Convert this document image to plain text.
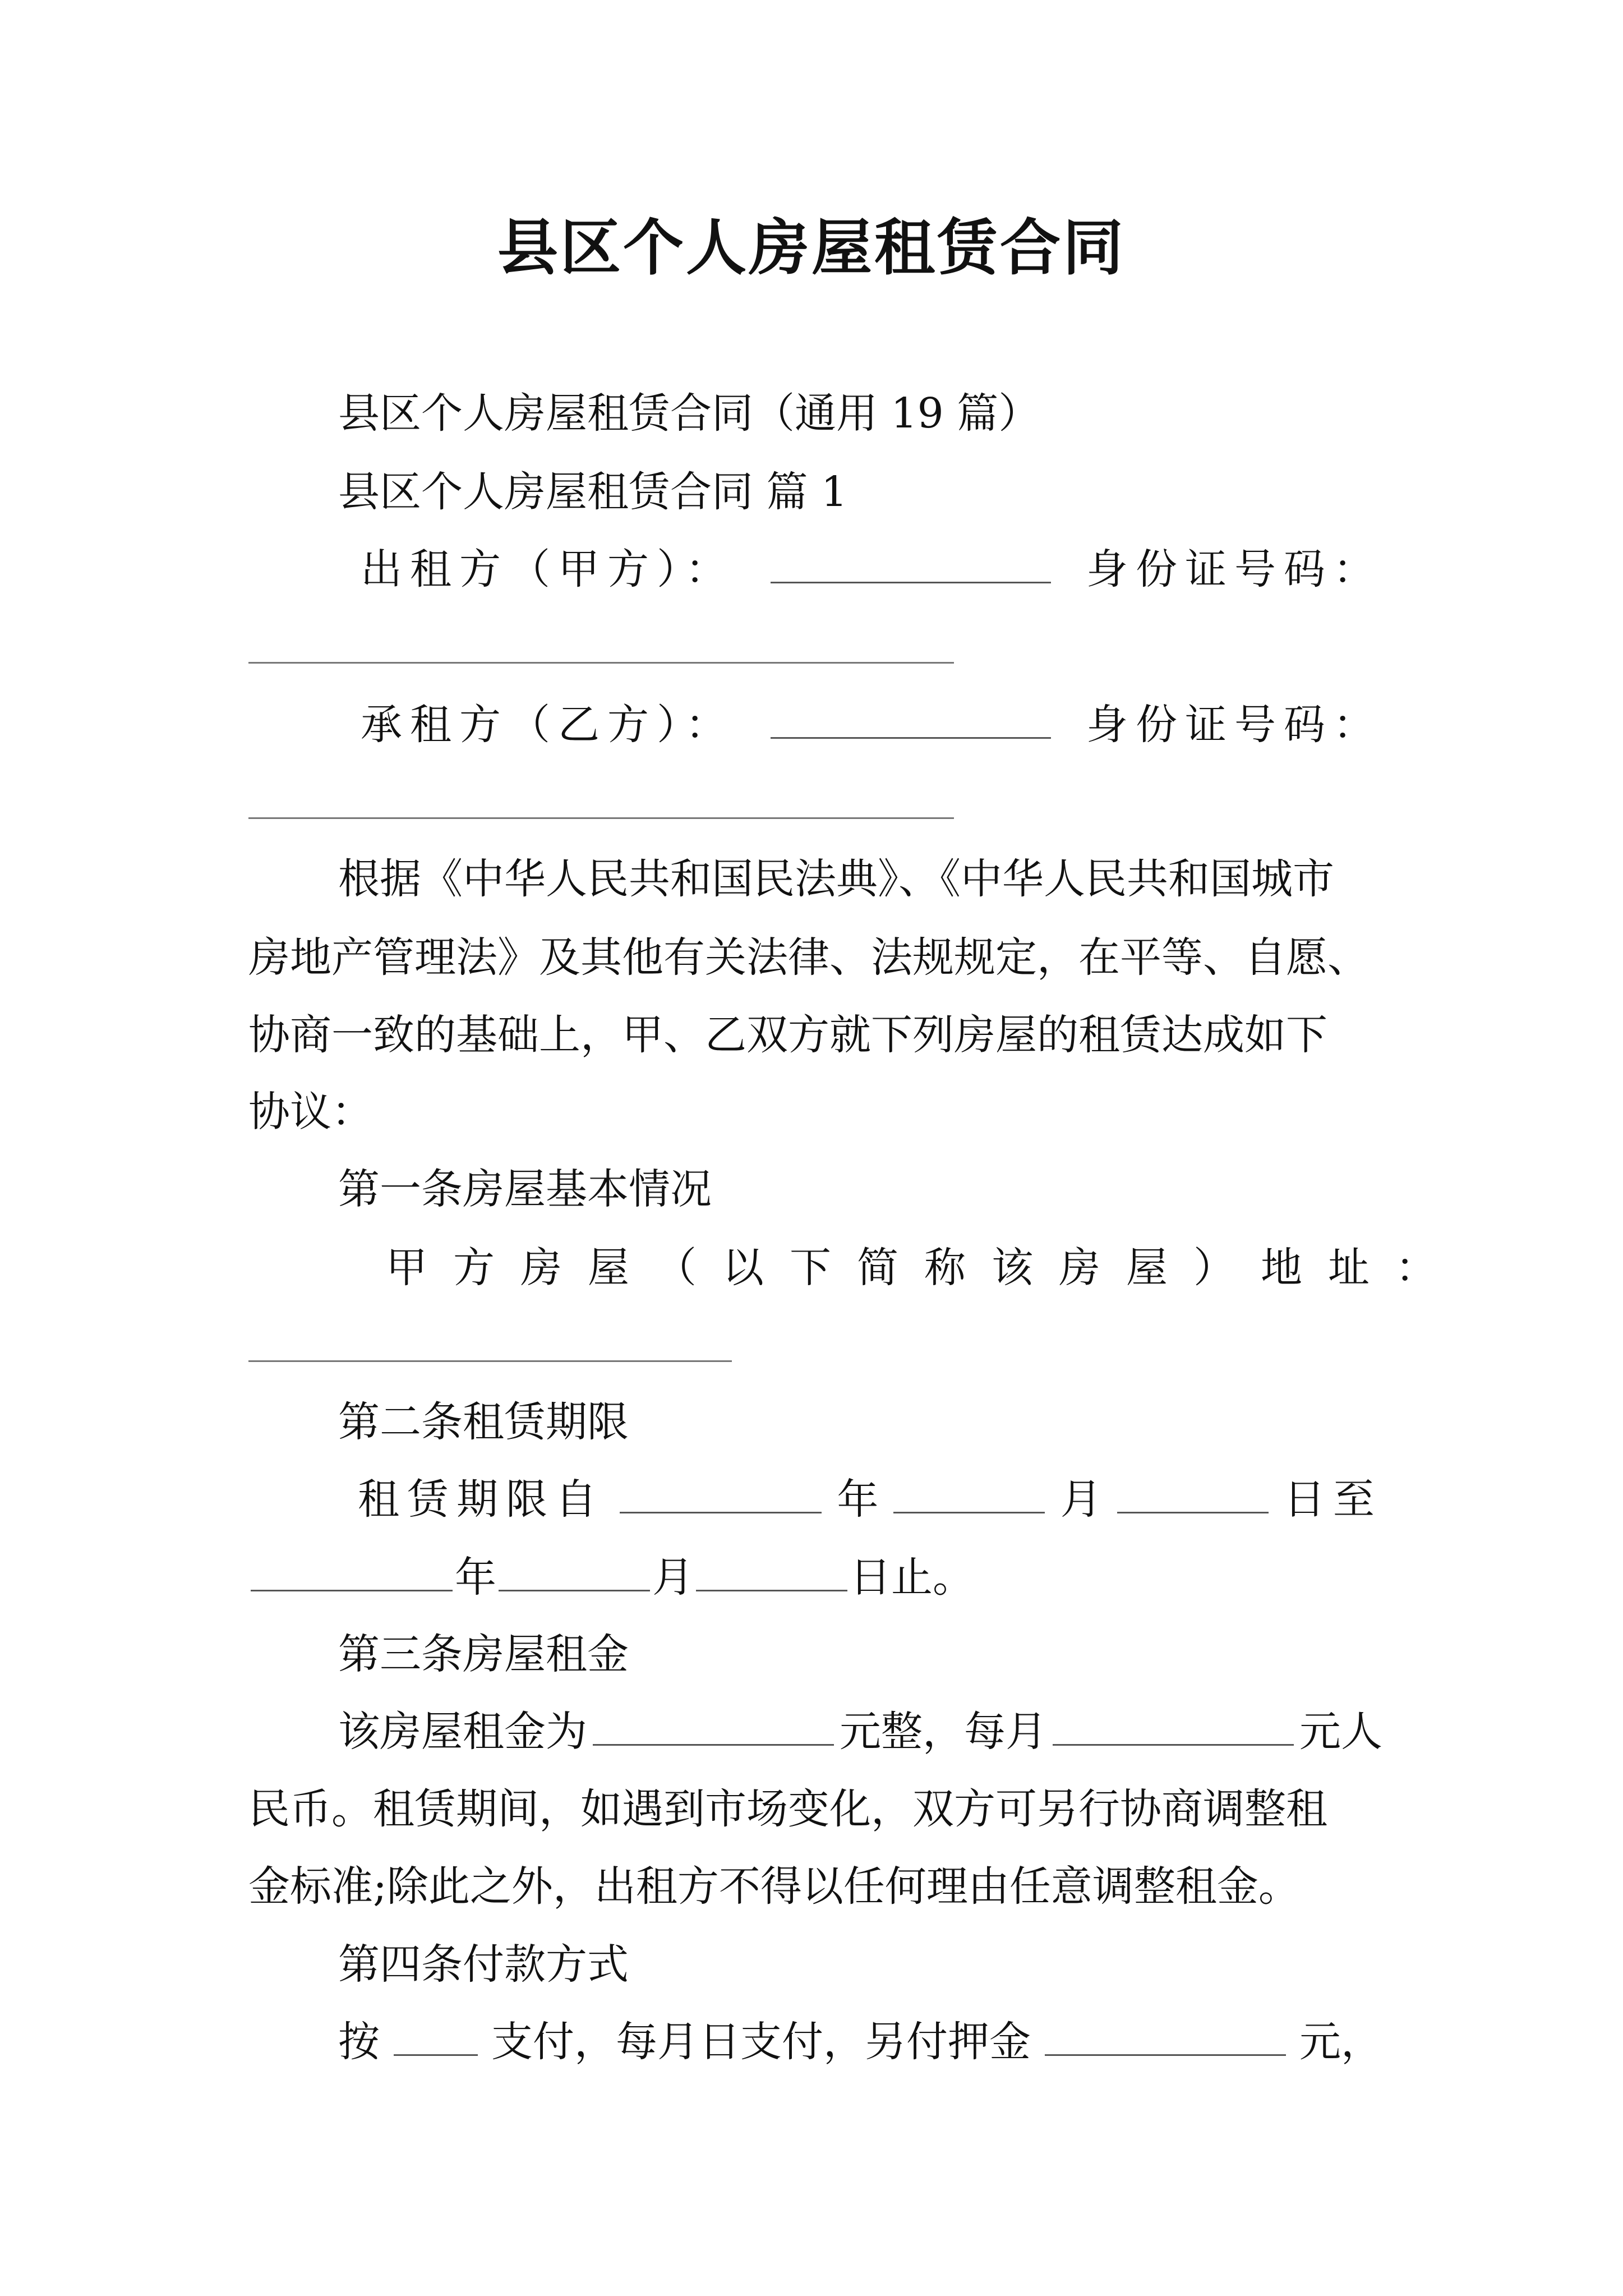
县区个人房屋租赁合同
县区个人房屋租赁合同（通用 19 篇）
县区个人房屋租赁合同 篇 1
出租方（甲方）：	身份证号码：
承租方（乙方）：	身份证号码：
根据《中华人民共和国民法典》、《中华人民共和国城市
房地产管理法》及其他有关法律、法规规定，在平等、自愿、
协商一致的基础上，甲、乙双方就下列房屋的租赁达成如下
协议：
第一条房屋基本情况
甲方房屋（以下简称该房屋）地址：
第二条租赁期限
租赁期限自	年	月	日至
年	月	日止。
第三条房屋租金
该房屋租金为	元整，每月	元人
民币。租赁期间，如遇到市场变化，双方可另行协商调整租
金标准;除此之外，出租方不得以任何理由任意调整租金。
第四条付款方式
按	支付，每月日支付，另付押金	元，
